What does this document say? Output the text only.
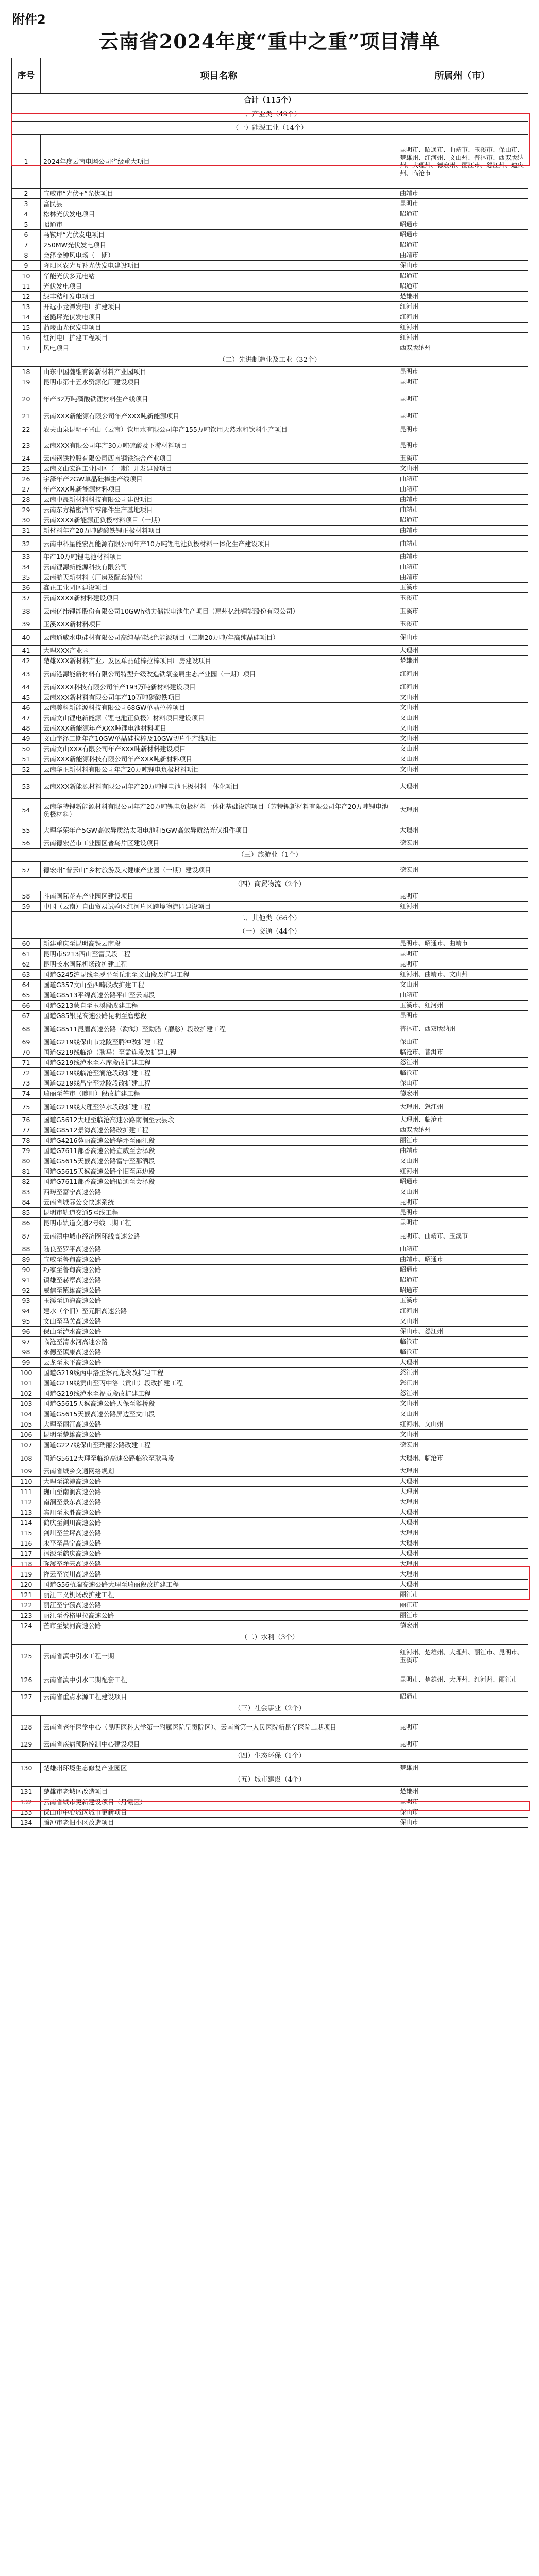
附件2
云南省2024年度“重中之重”项目清单
序号	项目名称	所属州（市）
合计（115个）		
一、产业类（49个）		
（一）能源工业（14个）		
1	2024年度云南电网公司省级重大项目	昆明市、昭通市、曲靖市、玉溪市、保山市、楚雄州、红河州、文山州、普洱市、西双版纳州、大理州、德宏州、丽江市、怒江州、迪庆州、临沧市
2	宣威市“光伏+”光伏项目	曲靖市
3	富民县	昆明市
4	松林光伏发电项目	昭通市
5	昭通市	昭通市
6	马鞍坪“光伏发电项目	昭通市
7	250MW光伏发电项目	昭通市
8	会泽金钟风电场（一期）	曲靖市
9	隆阳区农光互补光伏发电建设项目	保山市
10	华能光伏多元电站	昭通市
11	光伏发电项目	昭通市
12	绿丰秸秆发电项目	楚雄州
13	开远小龙潭发电厂扩建项目	红河州
14	老撾坪光伏发电项目	红河州
15	蒲陵山光伏发电项目	红河州
16	红河电厂扩建工程项目	红河州
17	风电项目	西双版纳州
（二）先进制造业及工业（32个）		
18	山东中国瀚维有源新材料产业园项目	昆明市
19	昆明市第十五水资源化厂建设项目	昆明市
20	年产32万吨磷酸铁锂材料生产线项目	昆明市
21	云南XXX新能源有限公司年产XXX吨新能源项目	昆明市
22	农夫山泉昆明子晋山（云南）饮用水有限公司年产155万吨饮用天然水和饮料生产项目	昆明市
23	云南XXX有限公司年产30万吨硫酸及下游材料项目	昆明市
24	云南钢铁控股有限公司西南钢铁综合产业项目	玉溪市
25	云南文山宏润工业园区（一期）开发建设项目	文山州
26	宇泽年产2GW单晶硅棒生产线项目	曲靖市
27	年产XXX吨新能源材料项目	曲靖市
28	云南中晟新材料科技有限公司建设项目	曲靖市
29	云南东方精密汽车零部件生产基地项目	曲靖市
30	云南XXXX新能源正负极材料项目（一期）	昭通市
31	新材料年产20万吨磷酸铁锂正极材料项目	曲靖市
32	云南中科星能宏晶能源有限公司年产10万吨锂电池负极材料一体化生产建设项目	曲靖市
33	年产10万吨锂电池材料项目	曲靖市
34	云南锂源新能源科技有限公司	曲靖市
35	云南航天新材料（厂房及配套设施）	曲靖市
36	鑫正工业园区建设项目	玉溪市
37	云南XXXX新材料建设项目	玉溪市
38	云南亿纬锂能股份有限公司10GWh动力储能电池生产项目（惠州亿纬锂能股份有限公司）	玉溪市
39	玉溪XXX新材料项目	玉溪市
40	云南通威水电硅材有限公司高纯晶硅绿色能源项目（二期20万吨/年高纯晶硅项目）	保山市
41	大理XXX产业园	大理州
42	楚雄XXX新材料产业开发区单晶硅棒拉棒项目厂房建设项目	楚雄州
43	云南港源能新材料有限公司特型升级改造铁氧金属生态产业园（一期）项目	红河州
44	云南XXXX科技有限公司年产193万吨新材料建设项目	红河州
45	云南XXX新材料有限公司年产10万吨磷酸铁项目	文山州
46	云南美科新能源科技有限公司68GW单晶拉棒项目	文山州
47	云南文山锂电新能源（锂电池正负极）材料项目建设项目	文山州
48	云南XXX新能源年产XXX吨锂电池材料项目	文山州
49	文山宇泽二期年产10GW单晶硅拉棒及10GW切片生产线项目	文山州
50	云南文山XXX有限公司年产XXX吨新材料建设项目	文山州
51	云南XXX新能源科技有限公司年产XXX吨新材料项目	文山州
52	云南华正新材料有限公司年产20万吨锂电负极材料项目	文山州
53	云南XXX新能源材料有限公司年产20万吨锂电池正极材料一体化项目	大理州
54	云南华特锂新能源材料有限公司年产20万吨锂电负极材料一体化基础设施项目（芳特锂新材料有限公司年产20万吨锂电池负极材料）	大理州
55	大理华荣年产5GW高效异质结太阳电池和5GW高效异质结光伏组件项目	大理州
56	云南德宏芒市工业园区普乌片区建设项目	德宏州
（三）旅游业（1个）		
57	德宏州“普云山”乡村旅游及大健康产业园（一期）建设项目	德宏州
（四）商贸物流（2个）		
58	斗南国际花卉产业园区建设项目	昆明市
59	中国（云南）自由贸易试验区红河片区跨境物流园建设项目	红河州
二、其他类（66个）		
（一）交通（44个）		
60	新建重庆至昆明高铁云南段	昆明市、昭通市、曲靖市
61	昆明市S213西山至富民段工程	昆明市
62	昆明长水国际机场改扩建工程	昆明市
63	国道G245沪昆线至罗平至丘北至文山段改扩建工程	红河州、曲靖市、文山州
64	国道G357文山至西畴段改扩建工程	文山州
65	国道G8513平绵高速公路平山至云南段	曲靖市
66	国道G213蒙自至玉溪段改建工程	玉溪市、红河州
67	国道G85银昆高速公路昆明至磨憨段	昆明市
68	国道G8511昆磨高速公路（勐海）至勐腊（磨憨）段改扩建工程	普洱市、西双版纳州
69	国道G219线保山市龙陵至腾冲改扩建工程	保山市
70	国道G219线临沧（耿马）至孟连段改扩建工程	临沧市、普洱市
71	国道G219线泸水至六库段改扩建工程	怒江州
72	国道G219线临沧至澜沧段改扩建工程	临沧市
73	国道G219线昌宁至龙陵段改扩建工程	保山市
74	瑞丽至芒市（畹町）段改扩建工程	德宏州
75	国道G219线大理至泸水段改扩建工程	大理州、怒江州
76	国道G5612大理至临沧高速公路南涧至云县段	大理州、临沧市
77	国道G8512景海高速公路改扩建工程	西双版纳州
78	国道G4216蓉丽高速公路华坪至丽江段	丽江市
79	国道G7611都香高速公路宣威至会泽段	曲靖市
80	国道G5615天猴高速公路富宁至那洒段	文山州
81	国道G5615天猴高速公路个旧至屏边段	红河州
82	国道G7611都香高速公路昭通至会泽段	昭通市
83	西畴至富宁高速公路	文山州
84	云南省城际公交快速系统	昆明市
85	昆明市轨道交通5号线工程	昆明市
86	昆明市轨道交通2号线二期工程	昆明市
87	云南滇中城市经济圈环线高速公路	昆明市、曲靖市、玉溪市
88	陆良至罗平高速公路	曲靖市
89	宣威至鲁甸高速公路	曲靖市、昭通市
90	巧家至鲁甸高速公路	昭通市
91	镇雄至赫章高速公路	昭通市
92	威信至镇雄高速公路	昭通市
93	玉溪至通海高速公路	玉溪市
94	建水（个旧）至元阳高速公路	红河州
95	文山至马关高速公路	文山州
96	保山至泸水高速公路	保山市、怒江州
97	临沧至清水河高速公路	临沧市
98	永德至镇康高速公路	临沧市
99	云龙至永平高速公路	大理州
100	国道G219线丙中洛至察瓦龙段改扩建工程	怒江州
101	国道G219线贡山至丙中洛（贡山）段改扩建工程	怒江州
102	国道G219线泸水至福贡段改扩建工程	怒江州
103	国道G5615天猴高速公路天保至猴桥段	文山州
104	国道G5615天猴高速公路屏边至文山段	文山州
105	大理至丽江高速公路	红河州、文山州
106	昆明至楚雄高速公路	文山州
107	国道G227线保山至瑞丽公路改建工程	德宏州
108	国道G5612大理至临沧高速公路临沧至耿马段	大理州、临沧市
109	云南省城乡交通网络规划	大理州
110	大理至漾濞高速公路	大理州
111	巍山至南涧高速公路	大理州
112	南涧至景东高速公路	大理州
113	宾川至永胜高速公路	大理州
114	鹤庆至剑川高速公路	大理州
115	剑川至兰坪高速公路	大理州
116	永平至昌宁高速公路	大理州
117	洱源至鹤庆高速公路	大理州
118	弥渡至祥云高速公路	大理州
119	祥云至宾川高速公路	大理州
120	国道G56杭瑞高速公路大理至瑞丽段改扩建工程	大理州
121	丽江三义机场改扩建工程	丽江市
122	丽江至宁蒗高速公路	丽江市
123	丽江至香格里拉高速公路	丽江市
124	芒市至梁河高速公路	德宏州
（二）水利（3个）		
125	云南省滇中引水工程一期	红河州、楚雄州、大理州、丽江市、昆明市、玉溪市
126	云南省滇中引水二期配套工程	昆明市、楚雄州、大理州、红河州、丽江市
127	云南省重点水源工程建设项目	昭通市
（三）社会事业（2个）		
128	云南省老年医学中心（昆明医科大学第一附属医院呈贡院区）、云南省第一人民医院新昆华医院二期项目	昆明市
129	云南省疾病预防控制中心建设项目	昆明市
（四）生态环保（1个）		
130	楚雄州环境生态修复产业园区	楚雄州
（五）城市建设（4个）		
131	楚雄市老城区改造项目	楚雄州
132	云南省城市更新建设项目（丹霞区）	昆明市
133	保山市中心城区城市更新项目	保山市
134	腾冲市老旧小区改造项目	保山市
